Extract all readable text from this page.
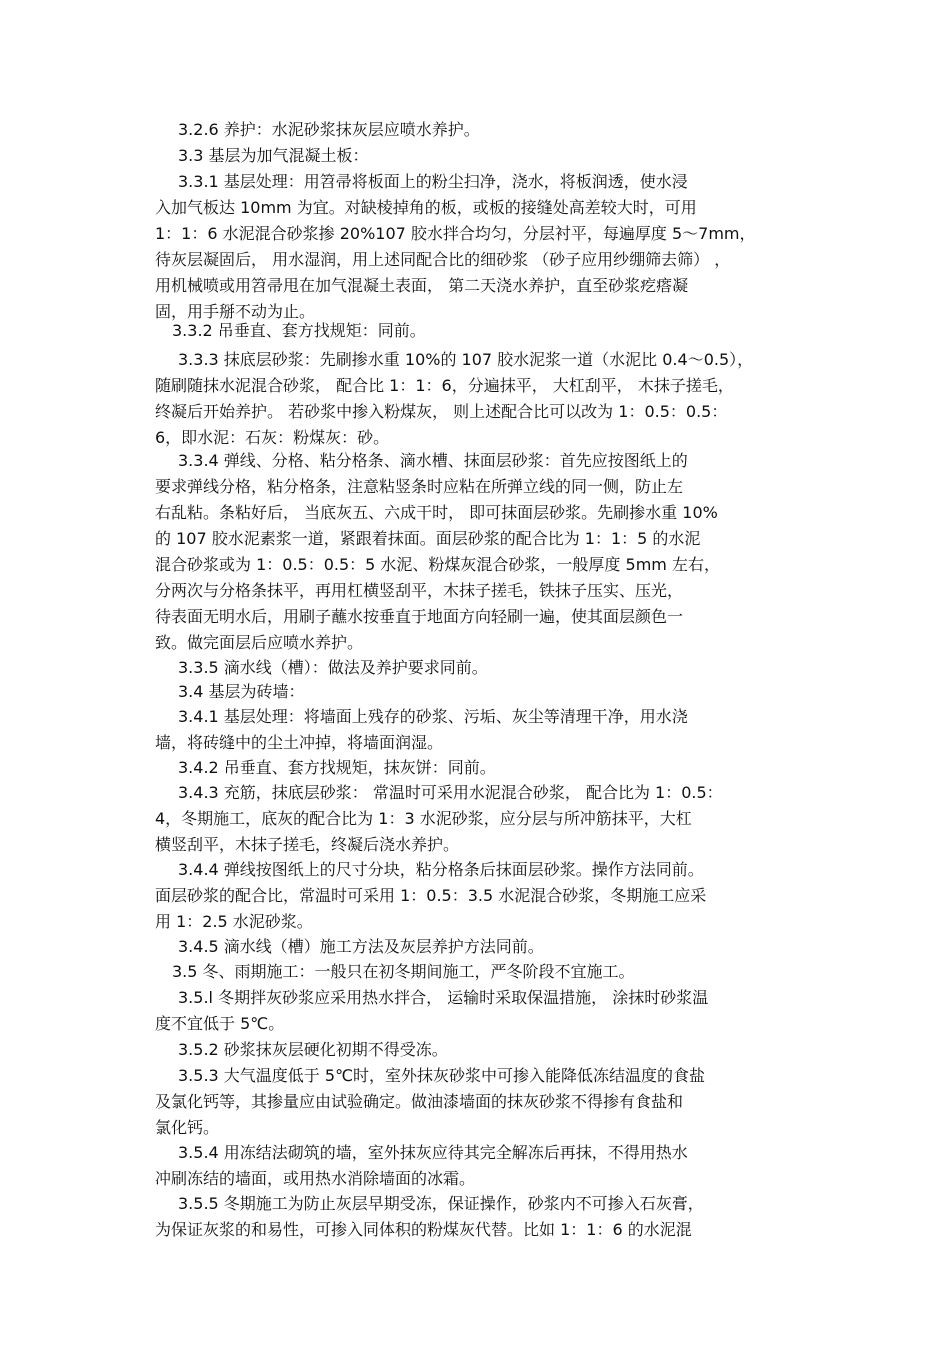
3.2.6 养护：水泥砂浆抹灰层应喷水养护。
3.3 基层为加气混凝土板：
3.3.1 基层处理：用笤帚将板面上的粉尘扫净，浇水，将板润透，使水浸
入加气板达 10mm 为宜。对缺棱掉角的板，或板的接缝处高差较大时，可用
1：1：6 水泥混合砂浆掺 20%107 胶水拌合均匀，分层衬平，每遍厚度 5～7mm，
待灰层凝固后， 用水湿润，用上述同配合比的细砂浆 （砂子应用纱绷筛去筛） ，
用机械喷或用笤帚甩在加气混凝土表面， 第二天浇水养护，直至砂浆疙瘩凝
固，用手掰不动为止。
3.3.2 吊垂直、套方找规矩：同前。
3.3.3 抹底层砂浆：先刷掺水重 10%的 107 胶水泥浆一道（水泥比 0.4～0.5），
随刷随抹水泥混合砂浆， 配合比 1：1：6，分遍抹平， 大杠刮平， 木抹子搓毛，
终凝后开始养护。 若砂浆中掺入粉煤灰， 则上述配合比可以改为 1：0.5：0.5：
6，即水泥：石灰：粉煤灰：砂。
3.3.4 弹线、分格、粘分格条、滴水槽、抹面层砂浆：首先应按图纸上的
要求弹线分格，粘分格条，注意粘竖条时应粘在所弹立线的同一侧，防止左
右乱粘。条粘好后， 当底灰五、六成干时， 即可抹面层砂浆。先刷掺水重 10%
的 107 胶水泥素浆一道，紧跟着抹面。面层砂浆的配合比为 1：1：5 的水泥
混合砂浆或为 1：0.5：0.5：5 水泥、粉煤灰混合砂浆，一般厚度 5mm 左右，
分两次与分格条抹平，再用杠横竖刮平，木抹子搓毛，铁抹子压实、压光，
待表面无明水后，用刷子蘸水按垂直于地面方向轻刷一遍，使其面层颜色一
致。做完面层后应喷水养护。
3.3.5 滴水线（槽）：做法及养护要求同前。
3.4 基层为砖墙：
3.4.1 基层处理：将墙面上残存的砂浆、污垢、灰尘等清理干净，用水浇
墙，将砖缝中的尘土冲掉，将墙面润湿。
3.4.2 吊垂直、套方找规矩，抹灰饼：同前。
3.4.3 充筋，抹底层砂浆： 常温时可采用水泥混合砂浆， 配合比为 1：0.5：
4，冬期施工，底灰的配合比为 1：3 水泥砂浆，应分层与所冲筋抹平，大杠
横竖刮平，木抹子搓毛，终凝后浇水养护。
3.4.4 弹线按图纸上的尺寸分块，粘分格条后抹面层砂浆。操作方法同前。
面层砂浆的配合比，常温时可采用 1：0.5：3.5 水泥混合砂浆，冬期施工应采
用 1：2.5 水泥砂浆。
3.4.5 滴水线（槽）施工方法及灰层养护方法同前。
3.5 冬、雨期施工：一般只在初冬期间施工，严冬阶段不宜施工。
3.5.l 冬期拌灰砂浆应采用热水拌合， 运输时采取保温措施， 涂抹时砂浆温
度不宜低于 5℃。
3.5.2 砂浆抹灰层硬化初期不得受冻。
3.5.3 大气温度低于 5℃时，室外抹灰砂浆中可掺入能降低冻结温度的食盐
及氯化钙等，其掺量应由试验确定。做油漆墙面的抹灰砂浆不得掺有食盐和
氯化钙。
3.5.4 用冻结法砌筑的墙，室外抹灰应待其完全解冻后再抹，不得用热水
冲刷冻结的墙面，或用热水消除墙面的冰霜。
3.5.5 冬期施工为防止灰层早期受冻，保证操作，砂浆内不可掺入石灰膏，
为保证灰浆的和易性，可掺入同体积的粉煤灰代替。比如 1：1：6 的水泥混
